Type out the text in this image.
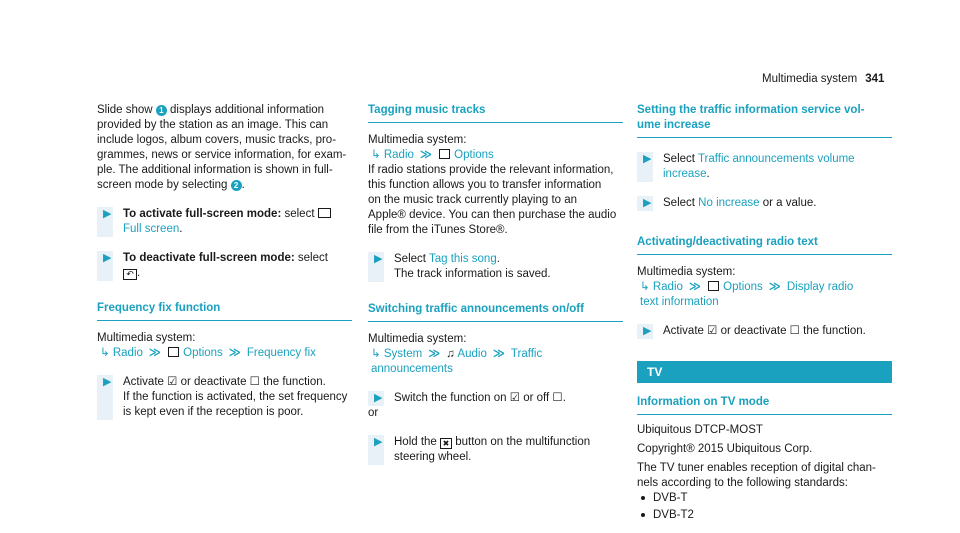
Multimedia system 341

Slide show 1 displays additional information
provided by the station as an image. This can
include logos, album covers, music tracks, pro-
grammes, news or service information, for exam-
ple. The additional information is shown in full-
screen mode by selecting 2 .

▶ To activate full-screen mode: select
Full screen.
▶ To deactivate full-screen mode: select
↶ .
Frequency fix function

Multimedia system:

↳ Radio ≫ Options ≫ Frequency fix
▶ Activate ☑ or deactivate ☐ the function.
If the function is activated, the set frequency
is kept even if the reception is poor.
Tagging music tracks

Multimedia system:

↳ Radio ≫ Options

If radio stations provide the relevant information,
this function allows you to transfer information
on the music track currently playing to an
Apple® device. You can then purchase the audio
file from the iTunes Store®.

▶ Select Tag this song.
The track information is saved.
Switching traffic announcements on/off

Multimedia system:

↳ System ≫ ♫ Audio ≫ Traffic
announcements
▶ Switch the function on ☑ or off ☐.

or

▶ Hold the ✖ button on the multifunction
steering wheel.
Setting the traffic information service vol-
ume increase
▶ Select Traffic announcements volume
increase.
▶ Select No increase or a value.
Activating/deactivating radio text

Multimedia system:

↳ Radio ≫ Options ≫ Display radio
text information
▶ Activate ☑ or deactivate ☐ the function.
TV
Information on TV mode

Ubiquitous DTCP-MOST

Copyright® 2015 Ubiquitous Corp.

The TV tuner enables reception of digital chan-
nels according to the following standards:

DVB-T
DVB-T2
